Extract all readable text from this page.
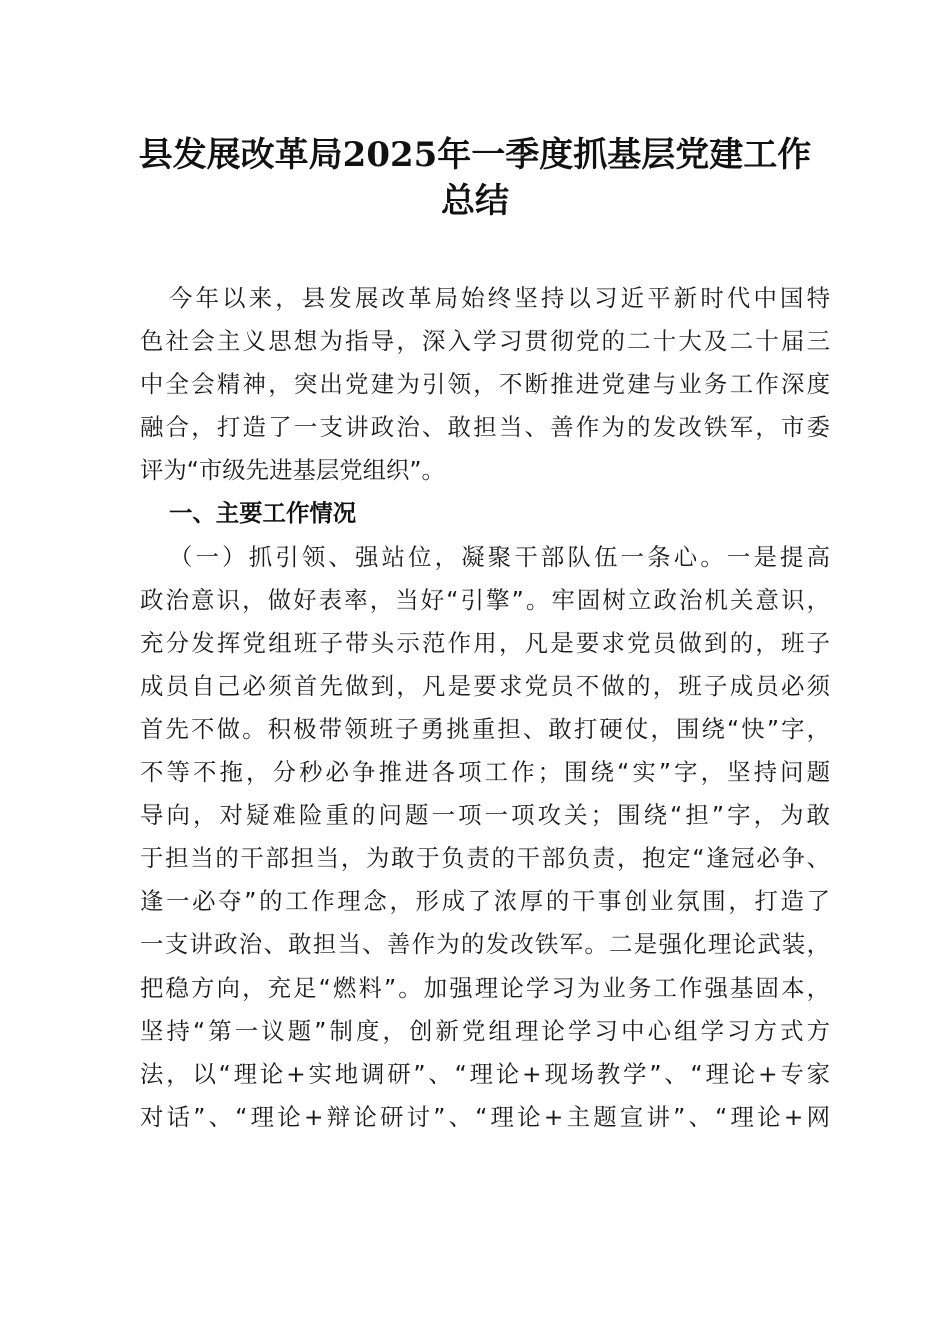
县发展改革局2025年一季度抓基层党建工作
总结
今年以来，县发展改革局始终坚持以习近平新时代中国特
色社会主义思想为指导，深入学习贯彻党的二十大及二十届三
中全会精神，突出党建为引领，不断推进党建与业务工作深度
融合，打造了一支讲政治、敢担当、善作为的发改铁军，市委
评为“市级先进基层党组织”。
一、主要工作情况
（一）抓引领、强站位，凝聚干部队伍一条心。一是提高
政治意识，做好表率，当好“引擎”。牢固树立政治机关意识，
充分发挥党组班子带头示范作用，凡是要求党员做到的，班子
成员自己必须首先做到，凡是要求党员不做的，班子成员必须
首先不做。积极带领班子勇挑重担、敢打硬仗，围绕“快”字，
不等不拖，分秒必争推进各项工作；围绕“实”字，坚持问题
导向，对疑难险重的问题一项一项攻关；围绕“担”字，为敢
于担当的干部担当，为敢于负责的干部负责，抱定“逢冠必争、
逢一必夺”的工作理念，形成了浓厚的干事创业氛围，打造了
一支讲政治、敢担当、善作为的发改铁军。二是强化理论武装，
把稳方向，充足“燃料”。加强理论学习为业务工作强基固本，
坚持“第一议题”制度，创新党组理论学习中心组学习方式方
法，以“理论+实地调研”、“理论+现场教学”、“理论+专家
对话”、“理论+辩论研讨”、“理论+主题宣讲”、“理论+网
